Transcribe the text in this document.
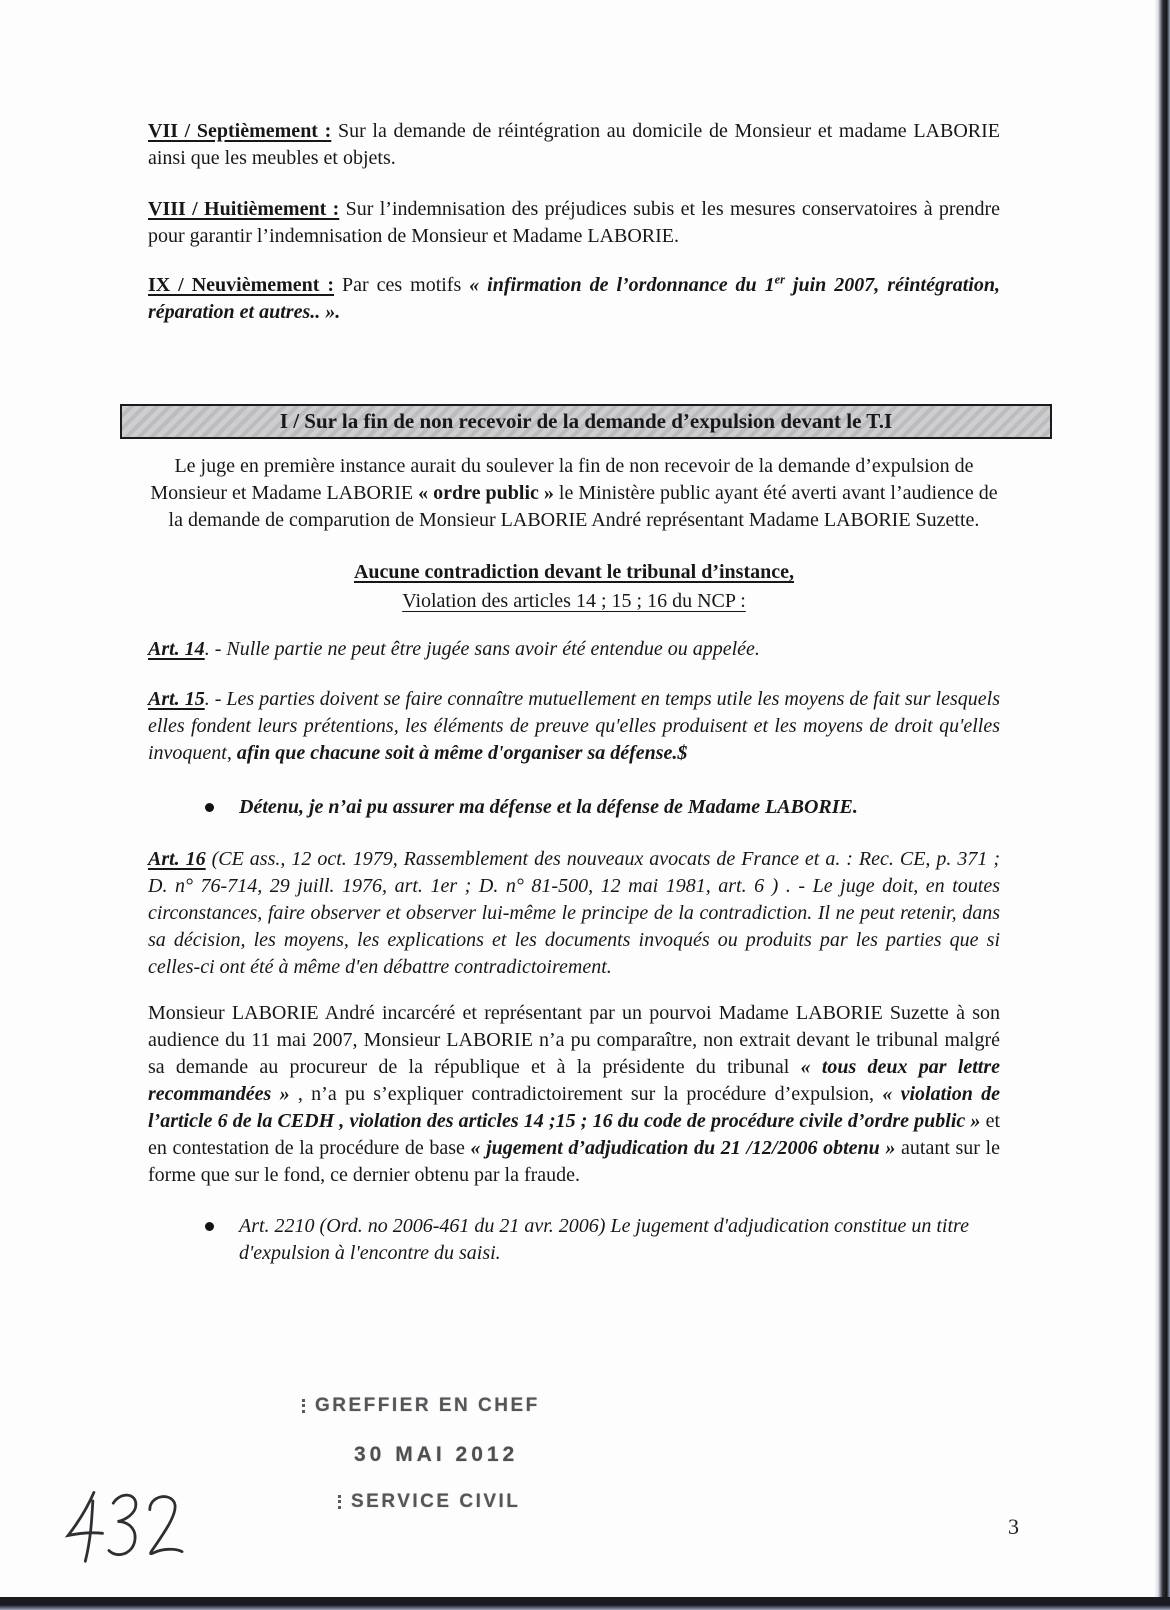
VII / Septièmement : Sur la demande de réintégration au domicile de Monsieur et madame LABORIE ainsi que les meubles et objets.

VIII / Huitièmement : Sur l’indemnisation des préjudices subis et les mesures conservatoires à prendre pour garantir l’indemnisation de Monsieur et Madame LABORIE.

IX / Neuvièmement : Par ces motifs « infirmation de l’ordonnance du 1er juin 2007, réintégration, réparation et autres.. ».

I / Sur la fin de non recevoir de la demande d’expulsion devant le T.I

Le juge en première instance aurait du soulever la fin de non recevoir de la demande d’expulsion de Monsieur et Madame LABORIE « ordre public » le Ministère public ayant été averti avant l’audience de la demande de comparution de Monsieur LABORIE André représentant Madame LABORIE Suzette.

Aucune contradiction devant le tribunal d’instance,
Violation des articles 14 ; 15 ; 16 du NCP :

Art. 14. - Nulle partie ne peut être jugée sans avoir été entendue ou appelée.

Art. 15. - Les parties doivent se faire connaître mutuellement en temps utile les moyens de fait sur lesquels elles fondent leurs prétentions, les éléments de preuve qu'elles produisent et les moyens de droit qu'elles invoquent, afin que chacune soit à même d'organiser sa défense.$

Détenu, je n’ai pu assurer ma défense et la défense de Madame LABORIE.

Art. 16 (CE ass., 12 oct. 1979, Rassemblement des nouveaux avocats de France et a. : Rec. CE, p. 371 ; D. n° 76-714, 29 juill. 1976, art. 1er ; D. n° 81-500, 12 mai 1981, art. 6 ) . - Le juge doit, en toutes circonstances, faire observer et observer lui-même le principe de la contradiction. Il ne peut retenir, dans sa décision, les moyens, les explications et les documents invoqués ou produits par les parties que si celles-ci ont été à même d'en débattre contradictoirement.

Monsieur LABORIE André incarcéré et représentant par un pourvoi Madame LABORIE Suzette à son audience du 11 mai 2007, Monsieur LABORIE n’a pu comparaître, non extrait devant le tribunal malgré sa demande au procureur de la république et à la présidente du tribunal « tous deux par lettre recommandées » , n’a pu s’expliquer contradictoirement sur la procédure d’expulsion, « violation de l’article 6 de la CEDH , violation des articles 14 ;15 ; 16 du code de procédure civile d’ordre public » et en contestation de la procédure de base « jugement d’adjudication du 21 /12/2006 obtenu » autant sur le forme que sur le fond, ce dernier obtenu par la fraude.

Art. 2210 (Ord. no 2006-461 du 21 avr. 2006) Le jugement d'adjudication constitue un titre d'expulsion à l'encontre du saisi.
GREFFIER EN CHEF
30 MAI 2012
SERVICE CIVIL
3
